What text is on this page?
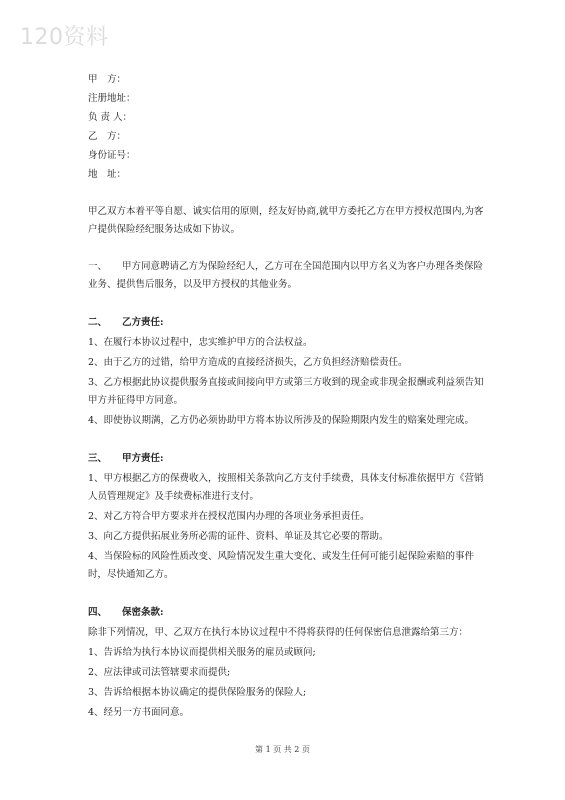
120资料
甲　方：
注册地址：
负 责 人：
乙　方：
身份证号：
地　址：

甲乙双方本着平等自愿、诚实信用的原则，经友好协商,就甲方委托乙方在甲方授权范围内,为客户提供保险经纪服务达成如下协议。

一、 甲方同意聘请乙方为保险经纪人，乙方可在全国范围内以甲方名义为客户办理各类保险业务、提供售后服务，以及甲方授权的其他业务。

二、 乙方责任:

1、在履行本协议过程中，忠实维护甲方的合法权益。

2、由于乙方的过错，给甲方造成的直接经济损失，乙方负担经济赔偿责任。

3、乙方根据此协议提供服务直接或间接向甲方或第三方收到的现金或非现金报酬或利益须告知甲方并征得甲方同意。

4、即使协议期满，乙方仍必须协助甲方将本协议所涉及的保险期限内发生的赔案处理完成。

三、 甲方责任:

1、甲方根据乙方的保费收入，按照相关条款向乙方支付手续费，具体支付标准依据甲方《营销人员管理规定》及手续费标准进行支付。

2、对乙方符合甲方要求并在授权范围内办理的各项业务承担责任。

3、向乙方提供拓展业务所必需的证件、资料、单证及其它必要的帮助。

4、当保险标的风险性质改变、风险情况发生重大变化、或发生任何可能引起保险索赔的事件时，尽快通知乙方。

四、 保密条款:

除非下列情况，甲、乙双方在执行本协议过程中不得将获得的任何保密信息泄露给第三方：

1、告诉给为执行本协议而提供相关服务的雇员或顾问;

2、应法律或司法管辖要求而提供;

3、告诉给根据本协议确定的提供保险服务的保险人;

4、经另一方书面同意。

第 1 页 共 2 页
